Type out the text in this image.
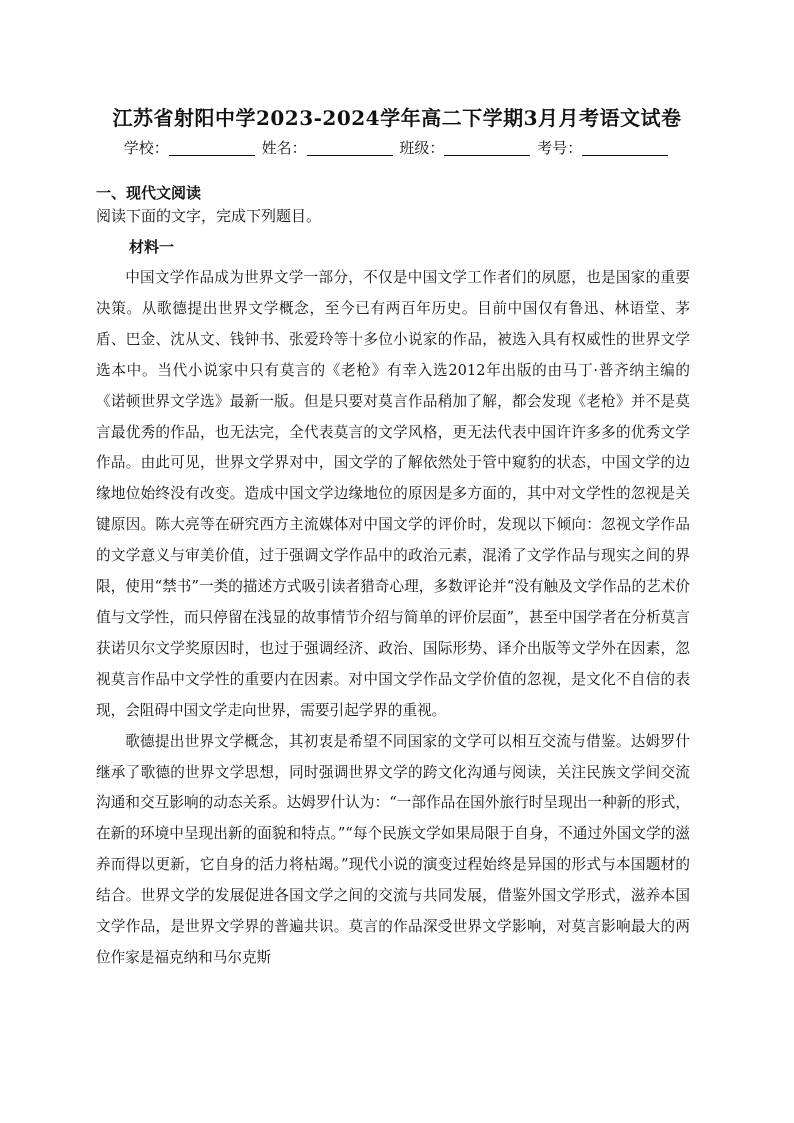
江苏省射阳中学2023-2024学年高二下学期3月月考语文试卷
学校：	姓名：	班级：	考号：
一、现代文阅读
阅读下面的文字，完成下列题目。
材料一

中国文学作品成为世界文学一部分，不仅是中国文学工作者们的夙愿，也是国家的重要决策。从歌德提出世界文学概念，至今已有两百年历史。目前中国仅有鲁迅、林语堂、茅盾、巴金、沈从文、钱钟书、张爱玲等十多位小说家的作品，被选入具有权威性的世界文学选本中。当代小说家中只有莫言的《老枪》有幸入选2012年出版的由马丁·普齐纳主编的《诺顿世界文学选》最新一版。但是只要对莫言作品稍加了解，都会发现《老枪》并不是莫言最优秀的作品，也无法完，全代表莫言的文学风格，更无法代表中国许许多多的优秀文学作品。由此可见，世界文学界对中，国文学的了解依然处于管中窥豹的状态，中国文学的边缘地位始终没有改变。造成中国文学边缘地位的原因是多方面的，其中对文学性的忽视是关键原因。陈大亮等在研究西方主流媒体对中国文学的评价时，发现以下倾向：忽视文学作品的文学意义与审美价值，过于强调文学作品中的政治元素，混淆了文学作品与现实之间的界限，使用“禁书”一类的描述方式吸引读者猎奇心理，多数评论并“没有触及文学作品的艺术价值与文学性，而只停留在浅显的故事情节介绍与简单的评价层面”，甚至中国学者在分析莫言获诺贝尔文学奖原因时，也过于强调经济、政治、国际形势、译介出版等文学外在因素，忽视莫言作品中文学性的重要内在因素。对中国文学作品文学价值的忽视，是文化不自信的表现，会阻碍中国文学走向世界，需要引起学界的重视。

歌德提出世界文学概念，其初衷是希望不同国家的文学可以相互交流与借鉴。达姆罗什继承了歌德的世界文学思想，同时强调世界文学的跨文化沟通与阅读，关注民族文学间交流沟通和交互影响的动态关系。达姆罗什认为：“一部作品在国外旅行时呈现出一种新的形式，在新的环境中呈现出新的面貌和特点。”“每个民族文学如果局限于自身，不通过外国文学的滋养而得以更新，它自身的活力将枯竭。”现代小说的演变过程始终是异国的形式与本国题材的结合。世界文学的发展促进各国文学之间的交流与共同发展，借鉴外国文学形式，滋养本国文学作品，是世界文学界的普遍共识。莫言的作品深受世界文学影响，对莫言影响最大的两位作家是福克纳和马尔克斯
